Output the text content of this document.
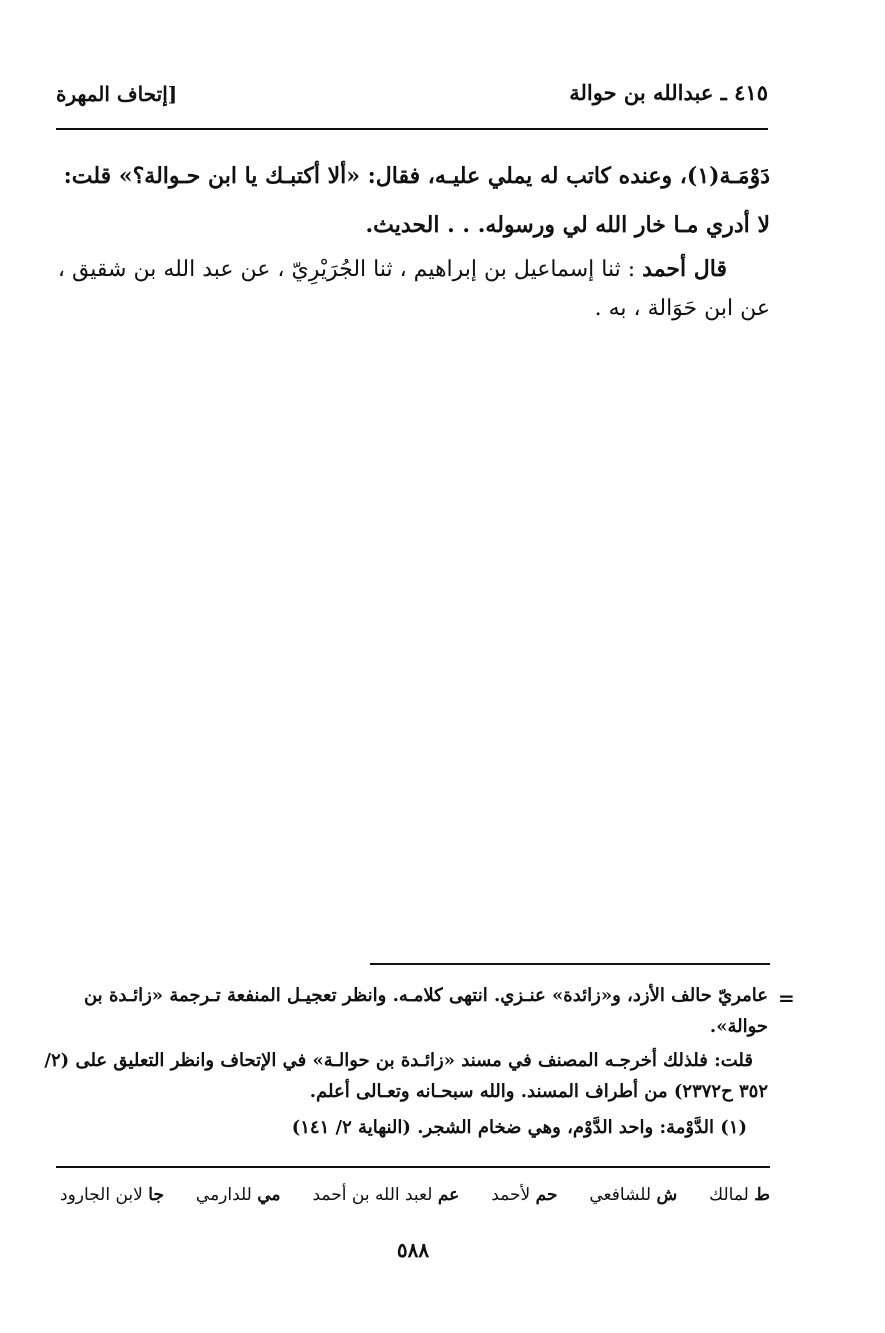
٤١٥ ـ عبدالله بن حوالة
[إتحاف المهرة
دَوْمَـة(١)، وعنده كاتب له يملي عليـه، فقال: «ألا أكتبـك يا ابن حـوالة؟» قلت:
لا أدري مـا خار الله لي ورسوله. . . الحديث.
قال أحمد : ثنا إسماعيل بن إبراهيم ، ثنا الجُرَيْرِيّ ، عن عبد الله بن شقيق ،
عن ابن حَوَالة ، به .
=
عامريّ حالف الأزد، و«زائدة» عنـزي. انتهى كلامـه. وانظر تعجيـل المنفعة تـرجمة «زائـدة بن
حوالة».
قلت: فلذلك أخرجـه المصنف في مسند «زائـدة بن حوالـة» في الإتحاف وانظر التعليق على (٢/
٣٥٢ ح٢٣٧٢) من أطراف المسند. والله سبحـانه وتعـالى أعلم.
(١) الدَّوْمة: واحد الدَّوْم، وهي ضخام الشجر. (النهاية ٢/ ١٤١)
ط لمالك
ش للشافعي
حم لأحمد
عم لعبد الله بن أحمد
مي للدارمي
جا لابن الجارود
٥٨٨
